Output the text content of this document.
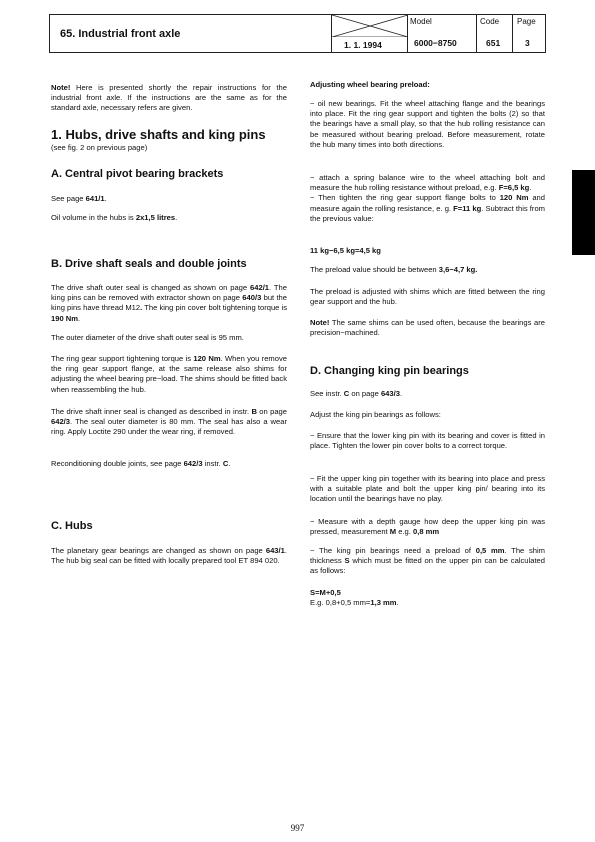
65. Industrial front axle
1. 1. 1994
Model
6000−8750
Code
651
Page
3

Note! Here is presented shortly the repair instructions for the industrial front axle. If the instructions are the same as for the standard axle, necessary refers are given.

1. Hubs, drive shafts and king pins

(see fig. 2 on previous page)

A. Central pivot bearing brackets

See page 641/1.

Oil volume in the hubs is 2x1,5 litres.

B. Drive shaft seals and double joints

The drive shaft outer seal is changed as shown on page 642/1. The king pins can be removed with extractor shown on page 640/3 but the king pins have thread M12. The king pin cover bolt tightening torque is 190 Nm.

The outer diameter of the drive shaft outer seal is 95 mm.

The ring gear support tightening torque is 120 Nm. When you remove the ring gear support flange, at the same release also shims for adjusting the wheel bearing pre−load. The shims should be fitted back when reassembling the hub.

The drive shaft inner seal is changed as described in instr. B on page 642/3. The seal outer diameter is 80 mm. The seal has also a wear ring. Apply Loctite 290 under the wear ring, if removed.

Reconditioning double joints, see page 642/3 instr. C.

C. Hubs

The planetary gear bearings are changed as shown on page 643/1. The hub big seal can be fitted with locally prepared tool ET 894 020.

Adjusting wheel bearing preload:

− oil new bearings. Fit the wheel attaching flange and the bearings into place. Fit the ring gear support and tighten the bolts (2) so that the bearings have a small play, so that the hub rolling resistance can be measured without bearing preload. Before measurement, rotate the hub many times into both directions.

− attach a spring balance wire to the wheel attaching bolt and measure the hub rolling resistance without preload, e.g. F=6,5 kg.

− Then tighten the ring gear support flange bolts to 120 Nm and measure again the rolling resistance, e. g. F=11 kg. Subtract this from the previous value:

11 kg−6,5 kg=4,5 kg

The preload value should be between 3,6−4,7 kg.

The preload is adjusted with shims which are fitted between the ring gear support and the hub.

Note! The same shims can be used often, because the bearings are precision−machined.

D. Changing king pin bearings

See instr. C on page 643/3.

Adjust the king pin bearings as follows:

− Ensure that the lower king pin with its bearing and cover is fitted in place. Tighten the lower pin cover bolts to a correct torque.

− Fit the upper king pin together with its bearing into place and press with a suitable plate and bolt the upper king pin/ bearing into its location until the bearings have no play.

− Measure with a depth gauge how deep the upper king pin was pressed, measurement M e.g. 0,8 mm

− The king pin bearings need a preload of 0,5 mm. The shim thickness S which must be fitted on the upper pin can be calculated as follows:

S=M+0,5

E.g. 0,8+0,5 mm=1,3 mm.

997
